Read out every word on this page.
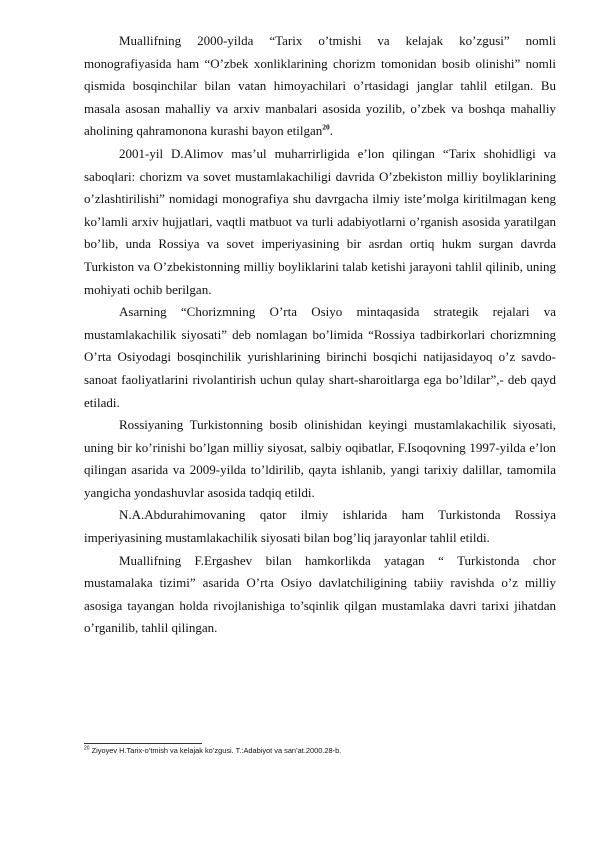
Muallifning 2000-yilda “Tarix o’tmishi va kelajak ko’zgusi” nomli monografiyasida ham “O’zbek xonliklarining chorizm tomonidan bosib olinishi” nomli qismida bosqinchilar bilan vatan himoyachilari o’rtasidagi janglar tahlil etilgan. Bu masala asosan mahalliy va arxiv manbalari asosida yozilib, o’zbek va boshqa mahalliy aholining qahramonona kurashi bayon etilgan$^{20}$.

2001-yil D.Alimov mas’ul muharrirligida e’lon qilingan “Tarix shohidligi va saboqlari: chorizm va sovet mustamlakachiligi davrida O’zbekiston milliy boyliklarining o’zlashtirilishi” nomidagi monografiya shu davrgacha ilmiy iste’molga kiritilmagan keng ko’lamli arxiv hujjatlari, vaqtli matbuot va turli adabiyotlarni o’rganish asosida yaratilgan bo’lib, unda Rossiya va sovet imperiyasining bir asrdan ortiq hukm surgan davrda Turkiston va O’zbekistonning milliy boyliklarini talab ketishi jarayoni tahlil qilinib, uning mohiyati ochib berilgan.

Asarning “Chorizmning O’rta Osiyo mintaqasida strategik rejalari va mustamlakachilik siyosati” deb nomlagan bo’limida “Rossiya tadbirkorlari chorizmning O’rta Osiyodagi bosqinchilik yurishlarining birinchi bosqichi natijasidayoq o’z savdo-sanoat faoliyatlarini rivolantirish uchun qulay shart-sharoitlarga ega bo’ldilar”,- deb qayd etiladi.

Rossiyaning Turkistonning bosib olinishidan keyingi mustamlakachilik siyosati, uning bir ko’rinishi bo’lgan milliy siyosat, salbiy oqibatlar, F.Isoqovning 1997-yilda e’lon qilingan asarida va 2009-yilda to’ldirilib, qayta ishlanib, yangi tarixiy dalillar, tamomila yangicha yondashuvlar asosida tadqiq etildi.

N.A.Abdurahimovaning qator ilmiy ishlarida ham Turkistonda Rossiya imperiyasining mustamlakachilik siyosati bilan bog’liq jarayonlar tahlil etildi.

Muallifning F.Ergashev bilan hamkorlikda yatagan “ Turkistonda chor mustamalaka tizimi” asarida O’rta Osiyo davlatchiligining tabiiy ravishda o’z milliy asosiga tayangan holda rivojlanishiga to’sqinlik qilgan mustamlaka davri tarixi jihatdan o’rganilib, tahlil qilingan.

$^{20}$ Ziyoyev H.Tarix-o’tmish va kelajak ko’zgusi. T.:Adabiyot va san’at.2000.28-b.
